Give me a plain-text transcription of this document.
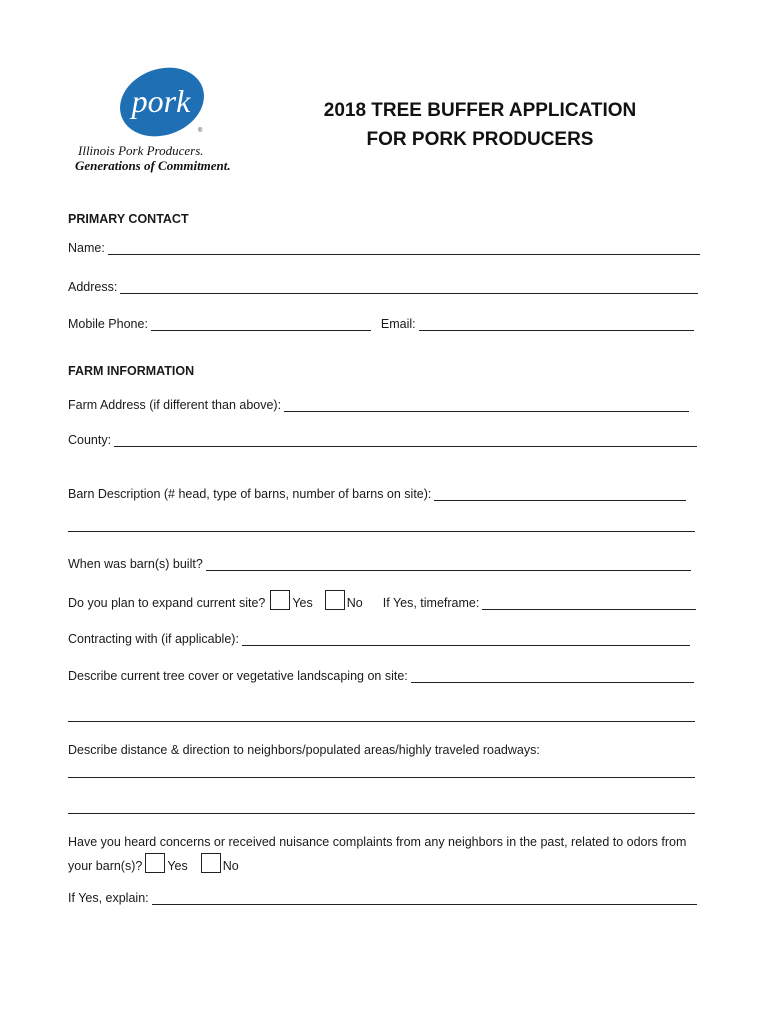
pork
®
Illinois Pork Producers.
Generations of Commitment.
2018 TREE BUFFER APPLICATION
FOR PORK PRODUCERS
PRIMARY CONTACT
Name:
Address:
Mobile Phone:	Email:
FARM INFORMATION
Farm Address (if different than above):
County:
Barn Description (# head, type of barns, number of barns on site):
When was barn(s) built?
Do you plan to expand current site? Yes	No If Yes, timeframe:
Contracting with (if applicable):
Describe current tree cover or vegetative landscaping on site:
Describe distance & direction to neighbors/populated areas/highly traveled roadways:
Have you heard concerns or received nuisance complaints from any neighbors in the past, related to odors from
your barn(s)? Yes	No
If Yes, explain:
